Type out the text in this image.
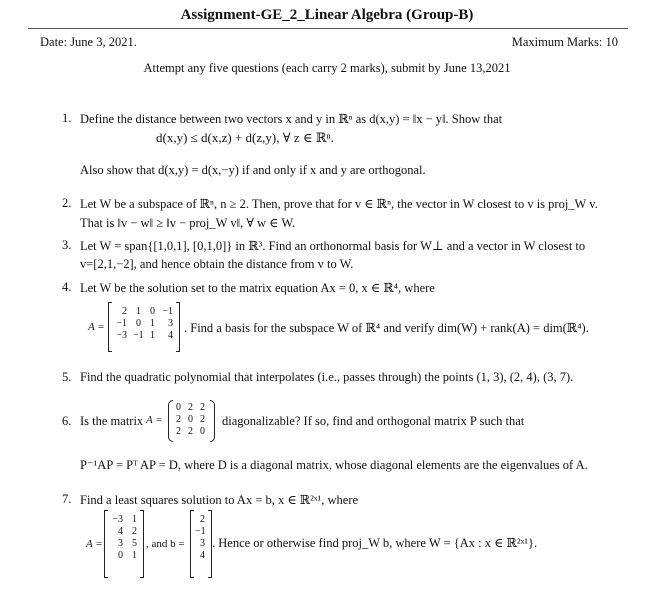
Assignment-GE_2_Linear Algebra (Group-B)
Date: June 3, 2021.	Maximum Marks: 10
Attempt any five questions (each carry 2 marks), submit by June 13,2021
1. Define the distance between two vectors x and y in ℝⁿ as d(x,y) = ‖x − y‖. Show that
d(x,y) ≤ d(x,z) + d(z,y), ∀ z ∈ ℝⁿ.
Also show that d(x,y) = d(x,−y) if and only if x and y are orthogonal.
2. Let W be a subspace of ℝⁿ, n ≥ 2. Then, prove that for v ∈ ℝⁿ, the vector in W closest to v is proj_W v.
That is ‖v − w‖ ≥ ‖v − proj_W v‖, ∀ w ∈ W.
3. Let W = span{[1,0,1], [0,1,0]} in ℝ³. Find an orthonormal basis for W⊥ and a vector in W closest to
v=[2,1,−2], and hence obtain the distance from v to W.
4. Let W be the solution set to the matrix equation Ax = 0, x ∈ ℝ⁴, where
A =
2 1 0 −1
−1 0 1	3
−3 −1 1	4
. Find a basis for the subspace W of ℝ⁴ and verify dim(W) + rank(A) = dim(ℝ⁴).
5. Find the quadratic polynomial that interpolates (i.e., passes through) the points (1, 3), (2, 4), (3, 7).
6. Is the matrix A =
0 2 2
2 0 2
2 2 0
diagonalizable? If so, find and orthogonal matrix P such that
P⁻¹AP = Pᵀ AP = D, where D is a diagonal matrix, whose diagonal elements are the eigenvalues of A.
7. Find a least squares solution to Ax = b, x ∈ ℝ²ˣ¹, where
A =
−3 1
4 2
3 5
0 1
, and b =
2
−1
3
4
. Hence or otherwise find proj_W b, where W = {Ax : x ∈ ℝ²ˣ¹}.
